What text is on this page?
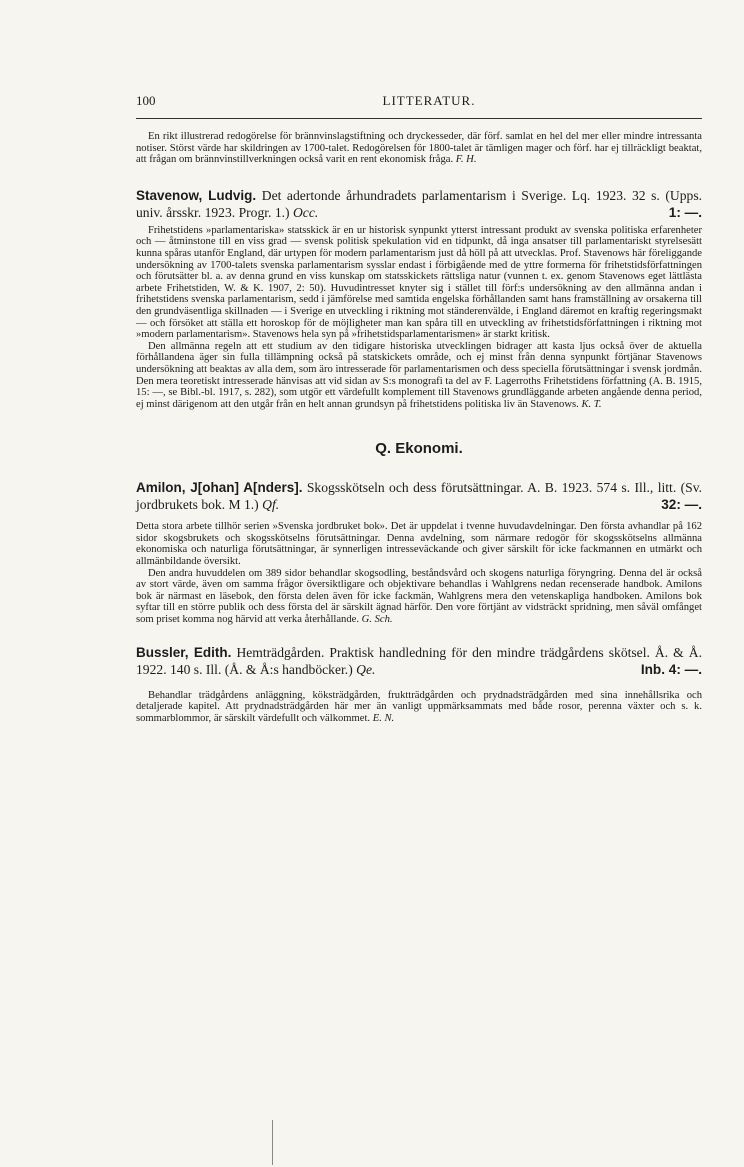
100	LITTERATUR.

En rikt illustrerad redogörelse för brännvinslagstiftning och dryckesseder, där förf. samlat en hel del mer eller mindre intressanta notiser. Störst värde har skildringen av 1700-talet. Redogörelsen för 1800-talet är tämligen mager och förf. har ej tillräckligt beaktat, att frågan om brännvinstillverkningen också varit en rent ekonomisk fråga. F. H.

Stavenow, Ludvig. Det adertonde århundradets parlamentarism i Sverige. Lq. 1923. 32 s. (Upps. univ. årsskr. 1923. Progr. 1.) Occ.	1: —.

Frihetstidens »parlamentariska» statsskick är en ur historisk synpunkt ytterst intressant produkt av svenska politiska erfarenheter och — åtminstone till en viss grad — svensk politisk spekulation vid en tidpunkt, då inga ansatser till parlamentariskt styrelsesätt kunna spåras utanför England, där urtypen för modern parlamentarism just då höll på att utvecklas. Prof. Stavenows här föreliggande undersökning av 1700-talets svenska parlamentarism sysslar endast i förbigående med de yttre formerna för frihetstidsförfattningen och förutsätter bl. a. av denna grund en viss kunskap om statsskickets rättsliga natur (vunnen t. ex. genom Stavenows eget lättlästa arbete Frihetstiden, W. & K. 1907, 2: 50). Huvudintresset knyter sig i stället till förf:s undersökning av den allmänna andan i frihetstidens svenska parlamentarism, sedd i jämförelse med samtida engelska förhållanden samt hans framställning av orsakerna till den grundväsentliga skillnaden — i Sverige en utveckling i riktning mot ständerenvälde, i England däremot en kraftig regeringsmakt — och försöket att ställa ett horoskop för de möjligheter man kan spåra till en utveckling av frihetstidsförfattningen i riktning mot »modern parlamentarism». Stavenows hela syn på »frihetstidsparlamentarismen» är starkt kritisk.

Den allmänna regeln att ett studium av den tidigare historiska utvecklingen bidrager att kasta ljus också över de aktuella förhållandena äger sin fulla tillämpning också på statskickets område, och ej minst från denna synpunkt förtjänar Stavenows undersökning att beaktas av alla dem, som äro intresserade för parlamentarismen och dess speciella förutsättningar i svensk jordmån. Den mera teoretiskt intresserade hänvisas att vid sidan av S:s monografi ta del av F. Lagerroths Frihetstidens författning (A. B. 1915, 15: —, se Bibl.-bl. 1917, s. 282), som utgör ett värdefullt komplement till Stavenows grundläggande arbeten angående denna period, ej minst därigenom att den utgår från en helt annan grundsyn på frihetstidens politiska liv än Stavenows. K. T.

Q. Ekonomi.

Amilon, J[ohan] A[nders]. Skogsskötseln och dess förutsättningar. A. B. 1923. 574 s. Ill., litt. (Sv. jordbrukets bok. M 1.) Qf.	32: —.

Detta stora arbete tillhör serien »Svenska jordbruket bok». Det är uppdelat i tvenne huvudavdelningar. Den första avhandlar på 162 sidor skogsbrukets och skogsskötselns förutsättningar. Denna avdelning, som närmare redogör för skogsskötselns allmänna ekonomiska och naturliga förutsättningar, är synnerligen intresseväckande och giver särskilt för icke fackmannen en utmärkt och allmänbildande översikt.

Den andra huvuddelen om 389 sidor behandlar skogsodling, beståndsvård och skogens naturliga föryngring. Denna del är också av stort värde, även om samma frågor översiktligare och objektivare behandlas i Wahlgrens nedan recenserade handbok. Amilons bok är närmast en läsebok, den första delen även för icke fackmän, Wahlgrens mera den vetenskapliga handboken. Amilons bok syftar till en större publik och dess första del är särskilt ägnad härför. Den vore förtjänt av vidsträckt spridning, men såväl omfånget som priset komma nog härvid att verka återhållande. G. Sch.

Bussler, Edith. Hemträdgården. Praktisk handledning för den mindre trädgårdens skötsel. Å. & Å. 1922. 140 s. Ill. (Å. & Å:s handböcker.) Qe.	Inb. 4: —.

Behandlar trädgårdens anläggning, köksträdgården, fruktträdgården och prydnadsträdgården med sina innehållsrika och detaljerade kapitel. Att prydnadsträdgården här mer än vanligt uppmärksammats med både rosor, perenna växter och s. k. sommarblommor, är särskilt värdefullt och välkommet. E. N.
